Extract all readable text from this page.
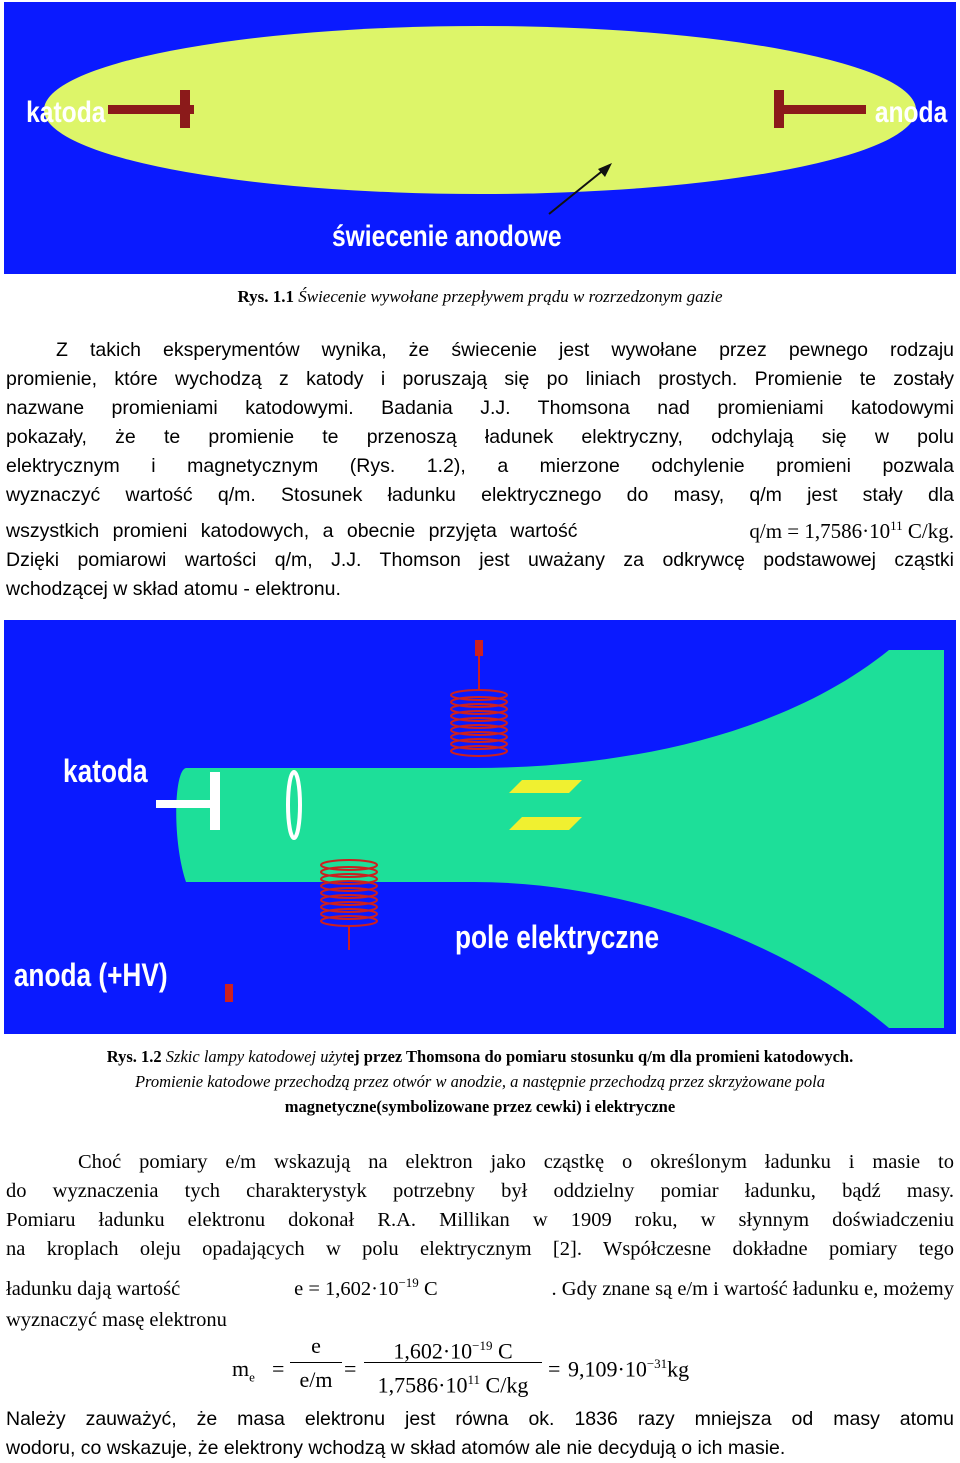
katoda	anoda
świecenie anodowe
Rys. 1.1 Świecenie wywołane przepływem prądu w rozrzedzonym gazie
Z takich eksperymentów wynika, że świecenie jest wywołane przez pewnego rodzaju
promienie, które wychodzą z katody i poruszają się po liniach prostych. Promienie te zostały
nazwane promieniami katodowymi. Badania J.J. Thomsona nad promieniami katodowymi
pokazały, że te promienie te przenoszą ładunek elektryczny, odchylają się w polu
elektrycznym i magnetycznym (Rys. 1.2), a mierzone odchylenie promieni pozwala
wyznaczyć wartość q/m. Stosunek ładunku elektrycznego do masy, q/m jest stały dla
wszystkich promieni katodowych, a obecnie przyjęta wartość	$q/m = 1,7586\cdot 10^{11}$ C/kg.
Dzięki pomiarowi wartości q/m, J.J. Thomson jest uważany za odkrywcę podstawowej cząstki
wchodzącej w skład atomu - elektronu.
katoda
anoda (+HV)
pole elektryczne
Rys. 1.2 Szkic lampy katodowej użytej przez Thomsona do pomiaru stosunku q/m dla promieni katodowych.
Promienie katodowe przechodzą przez otwór w anodzie, a następnie przechodzą przez skrzyżowane pola
magnetyczne(symbolizowane przez cewki) i elektryczne
Choć pomiary e/m wskazują na elektron jako cząstkę o określonym ładunku i masie to
do wyznaczenia tych charakterystyk potrzebny był oddzielny pomiar ładunku, bądź masy.
Pomiaru ładunku elektronu dokonał R.A. Millikan w 1909 roku, w słynnym doświadczeniu
na kroplach oleju opadających w polu elektrycznym [2]. Współczesne dokładne pomiary tego
ładunku dają wartość	$e = 1,602\cdot 10^{-19}$ C	. Gdy znane są e/m i wartość ładunku e, możemy
wyznaczyć masę elektronu
$m_e$ =
e
e/m =
$1,602\cdot 10^{-19}$ C
$1,7586\cdot 10^{11}$ C/kg
= $9,109\cdot 10^{-31}kg$
Należy zauważyć, że masa elektronu jest równa ok. 1836 razy mniejsza od masy atomu
wodoru, co wskazuje, że elektrony wchodzą w skład atomów ale nie decydują o ich masie.
